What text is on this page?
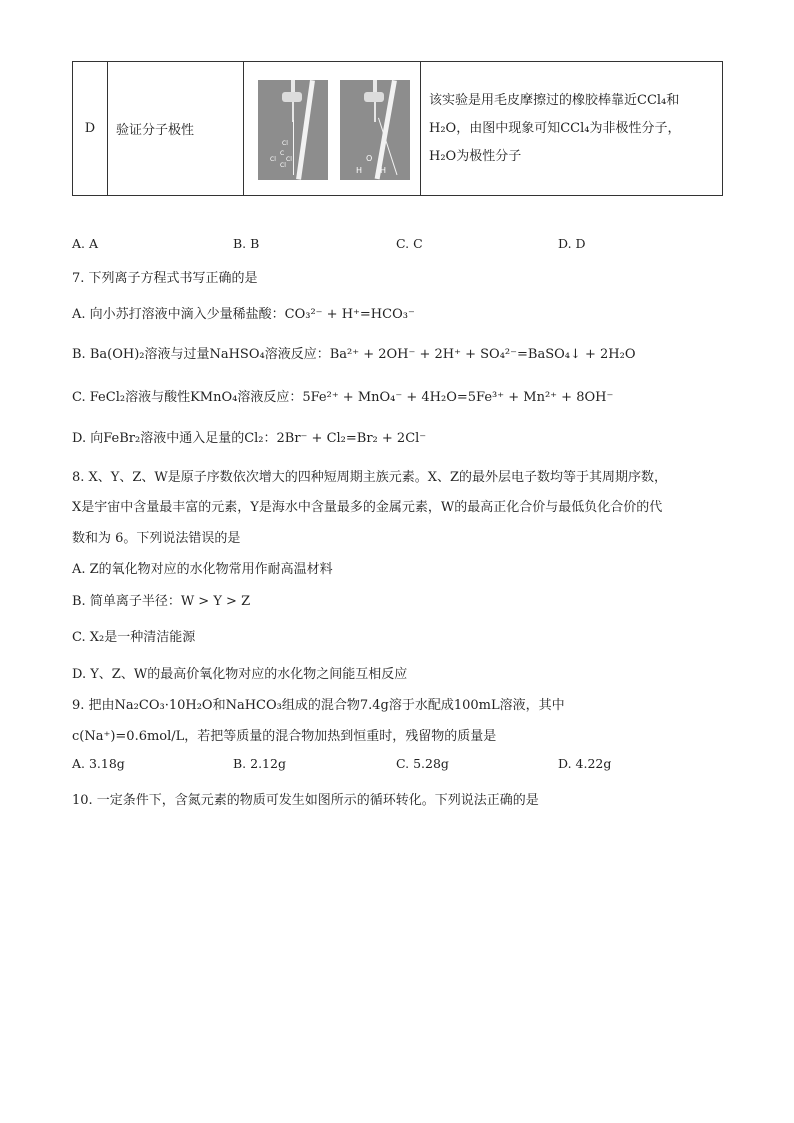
D	验证分子极性	
Cl
C
Cl Cl
Cl
O
H H

该实验是用毛皮摩擦过的橡胶棒靠近CCl₄和

H₂O，由图中现象可知CCl₄为非极性分子，

H₂O为极性分子

A. A	B. B	C. C	D. D
7. 下列离子方程式书写正确的是
A. 向小苏打溶液中滴入少量稀盐酸：CO₃²⁻ + H⁺=HCO₃⁻
B. Ba(OH)₂溶液与过量NaHSO₄溶液反应：Ba²⁺ + 2OH⁻ + 2H⁺ + SO₄²⁻=BaSO₄↓ + 2H₂O
C. FeCl₂溶液与酸性KMnO₄溶液反应：5Fe²⁺ + MnO₄⁻ + 4H₂O=5Fe³⁺ + Mn²⁺ + 8OH⁻
D. 向FeBr₂溶液中通入足量的Cl₂：2Br⁻ + Cl₂=Br₂ + 2Cl⁻
8. X、Y、Z、W是原子序数依次增大的四种短周期主族元素。X、Z的最外层电子数均等于其周期序数，
X是宇宙中含量最丰富的元素，Y是海水中含量最多的金属元素，W的最高正化合价与最低负化合价的代
数和为 6。下列说法错误的是
A. Z的氧化物对应的水化物常用作耐高温材料
B. 简单离子半径：W > Y > Z
C. X₂是一种清洁能源
D. Y、Z、W的最高价氧化物对应的水化物之间能互相反应
9. 把由Na₂CO₃·10H₂O和NaHCO₃组成的混合物7.4g溶于水配成100mL溶液，其中
c(Na⁺)=0.6mol/L，若把等质量的混合物加热到恒重时，残留物的质量是
A. 3.18g	B. 2.12g	C. 5.28g	D. 4.22g
10. 一定条件下，含氮元素的物质可发生如图所示的循环转化。下列说法正确的是
